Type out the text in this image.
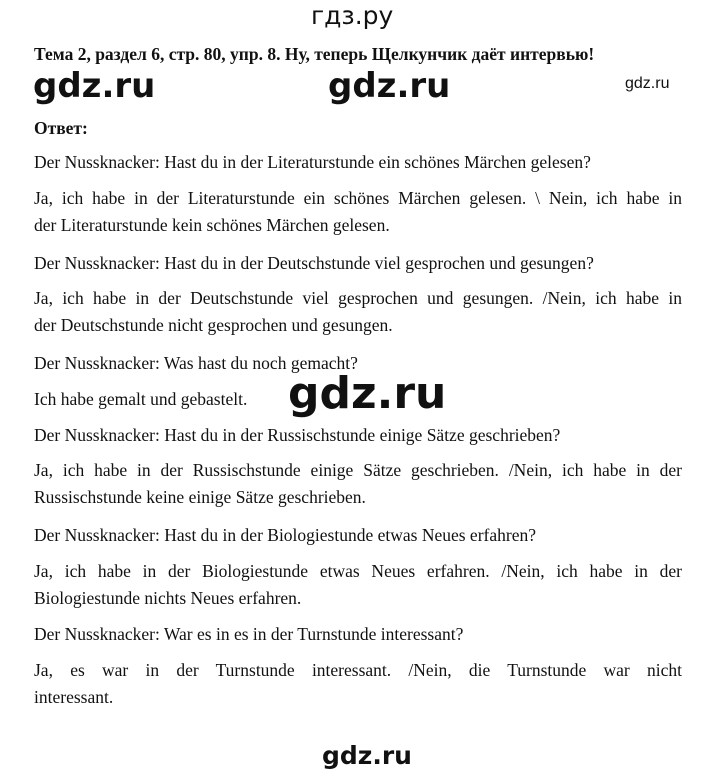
гдз.ру
Тема 2, раздел 6, стр. 80, упр. 8. Ну, теперь Щелкунчик даёт интервью!
gdz.ru	gdz.ru	gdz.ru
Ответ:
Der Nussknacker: Hast du in der Literaturstunde ein schönes Märchen gelesen?
Ja, ich habe in der Literaturstunde ein schönes Märchen gelesen. \ Nein, ich habe in
der Literaturstunde kein schönes Märchen gelesen.
Der Nussknacker: Hast du in der Deutschstunde viel gesprochen und gesungen?
Ja, ich habe in der Deutschstunde viel gesprochen und gesungen. /Nein, ich habe in
der Deutschstunde nicht gesprochen und gesungen.
Der Nussknacker: Was hast du noch gemacht?
Ich habe gemalt und gebastelt. gdz.ru
Der Nussknacker: Hast du in der Russischstunde einige Sätze geschrieben?
Ja, ich habe in der Russischstunde einige Sätze geschrieben. /Nein, ich habe in der
Russischstunde keine einige Sätze geschrieben.
Der Nussknacker: Hast du in der Biologiestunde etwas Neues erfahren?
Ja, ich habe in der Biologiestunde etwas Neues erfahren. /Nein, ich habe in der
Biologiestunde nichts Neues erfahren.
Der Nussknacker: War es in es in der Turnstunde interessant?
Ja, es war in der Turnstunde interessant. /Nein, die Turnstunde war nicht
interessant.
gdz.ru
